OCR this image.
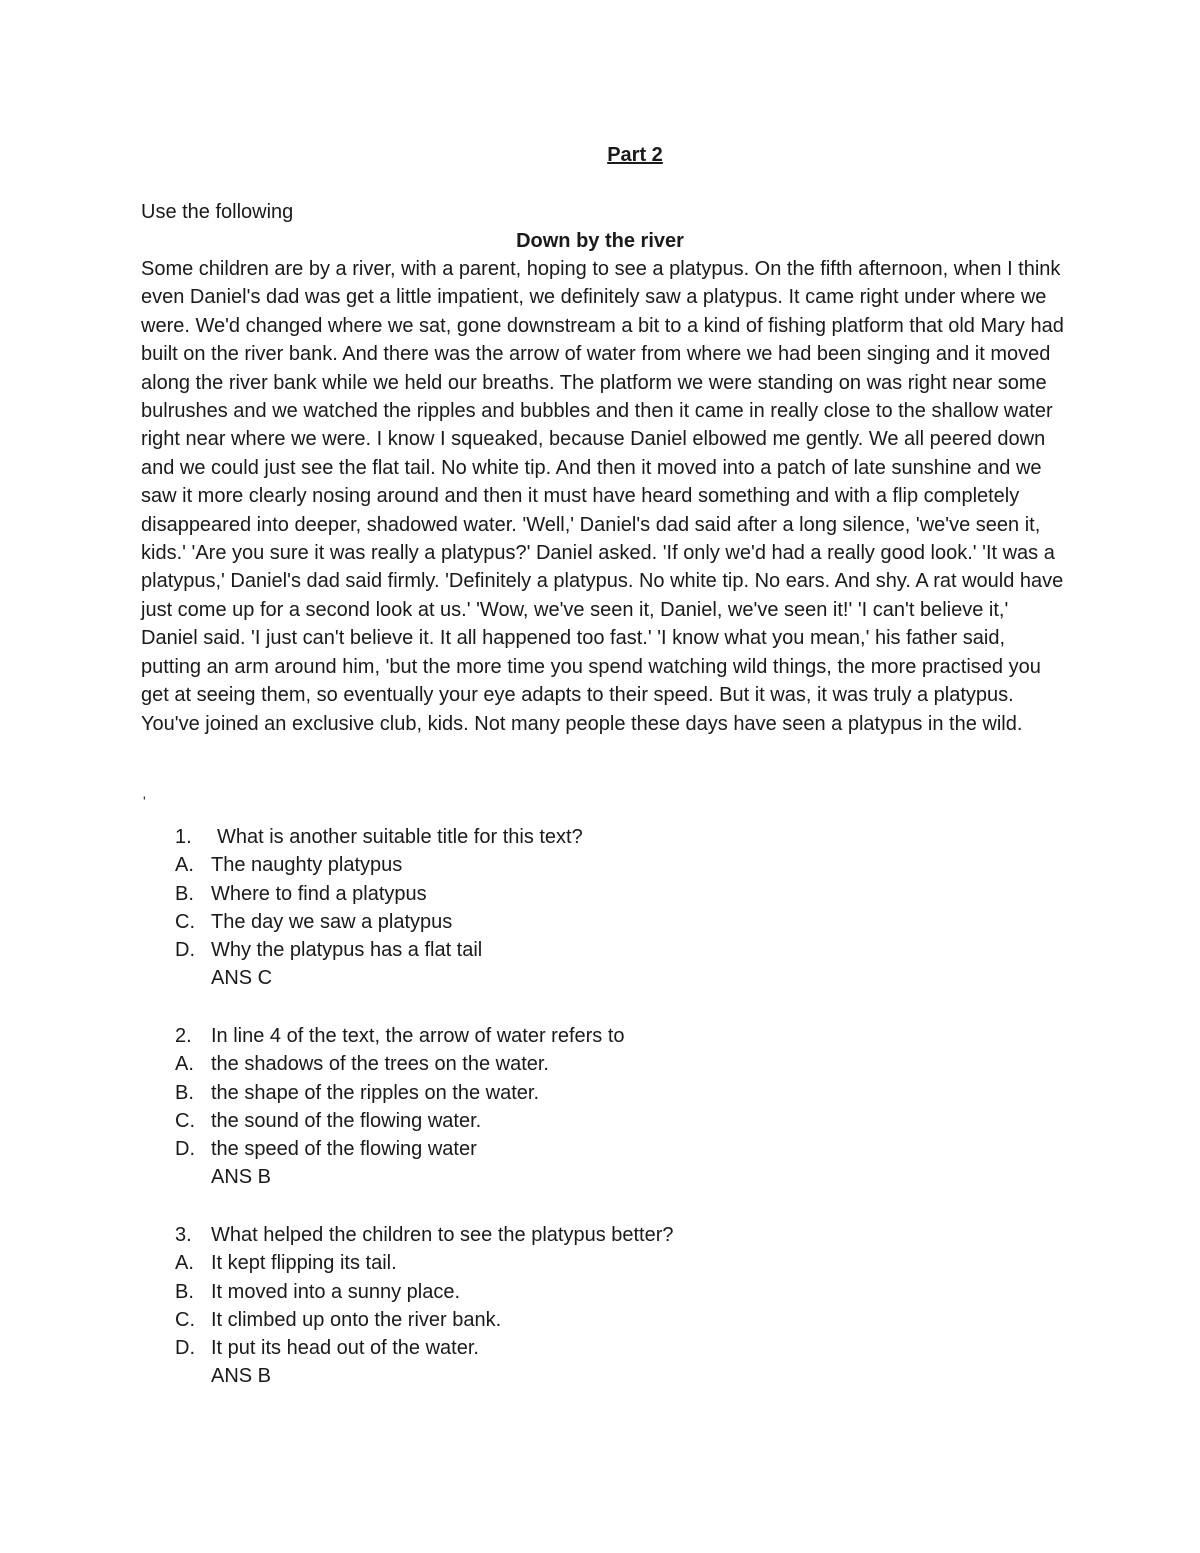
Part 2
Use the following
Down by the river

Some children are by a river, with a parent, hoping to see a platypus. On the fifth afternoon, when I think even Daniel's dad was get a little impatient, we definitely saw a platypus. It came right under where we were. We'd changed where we sat, gone downstream a bit to a kind of fishing platform that old Mary had built on the river bank. And there was the arrow of water from where we had been singing and it moved along the river bank while we held our breaths. The platform we were standing on was right near some bulrushes and we watched the ripples and bubbles and then it came in really close to the shallow water right near where we were. I know I squeaked, because Daniel elbowed me gently. We all peered down and we could just see the flat tail. No white tip. And then it moved into a patch of late sunshine and we saw it more clearly nosing around and then it must have heard something and with a flip completely disappeared into deeper, shadowed water. 'Well,' Daniel's dad said after a long silence, 'we've seen it, kids.' 'Are you sure it was really a platypus?' Daniel asked. 'If only we'd had a really good look.' 'It was a platypus,' Daniel's dad said firmly. 'Definitely a platypus. No white tip. No ears. And shy. A rat would have just come up for a second look at us.' 'Wow, we've seen it, Daniel, we've seen it!' 'I can't believe it,' Daniel said. 'I just can't believe it. It all happened too fast.' 'I know what you mean,' his father said, putting an arm around him, 'but the more time you spend watching wild things, the more practised you get at seeing them, so eventually your eye adapts to their speed. But it was, it was truly a platypus. You've joined an exclusive club, kids. Not many people these days have seen a platypus in the wild.

'
1.	What is another suitable title for this text?
A. The naughty platypus
B. Where to find a platypus
C. The day we saw a platypus
D. Why the platypus has a flat tail
ANS C
2. In line 4 of the text, the arrow of water refers to
A. the shadows of the trees on the water.
B. the shape of the ripples on the water.
C. the sound of the flowing water.
D. the speed of the flowing water
ANS B
3. What helped the children to see the platypus better?
A. It kept flipping its tail.
B. It moved into a sunny place.
C. It climbed up onto the river bank.
D. It put its head out of the water.
ANS B
